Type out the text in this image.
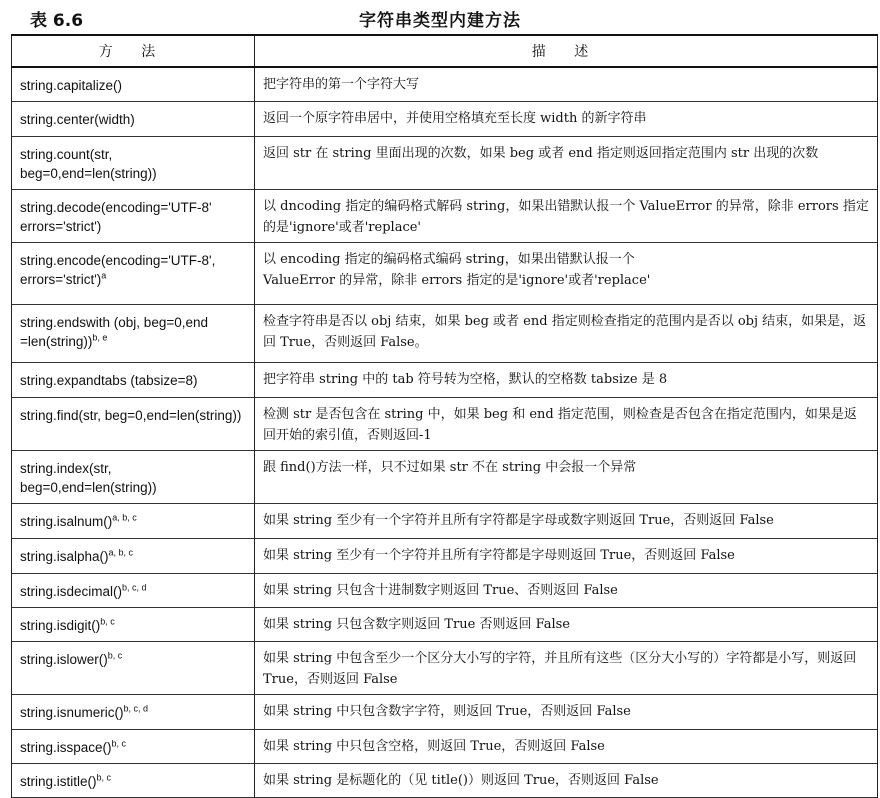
表 6.6	字符串类型内建方法
方 法	描 述
string.capitalize()	把字符串的第一个字符大写
string.center(width)	返回一个原字符串居中，并使用空格填充至长度 width 的新字符串
string.count(str, beg=0,end=len(string))	返回 str 在 string 里面出现的次数，如果 beg 或者 end 指定则返回指定范围内 str 出现的次数
string.decode(encoding='UTF-8' errors='strict')	以 dncoding 指定的编码格式解码 string，如果出错默认报一个 ValueError 的异常，除非 errors 指定的是'ignore'或者'replace'
string.encode(encoding='UTF-8', errors='strict')$^a$	以 encoding 指定的编码格式编码 string，如果出错默认报一个
ValueError 的异常，除非 errors 指定的是'ignore'或者'replace'
string.endswith (obj, beg=0,end =len(string))$^{b, e}$	检查字符串是否以 obj 结束，如果 beg 或者 end 指定则检查指定的范围内是否以 obj 结束，如果是，返回 True，否则返回 False。
string.expandtabs (tabsize=8)	把字符串 string 中的 tab 符号转为空格，默认的空格数 tabsize 是 8
string.find(str, beg=0,end=len(string))	检测 str 是否包含在 string 中，如果 beg 和 end 指定范围，则检查是否包含在指定范围内，如果是返回开始的索引值，否则返回-1
string.index(str, beg=0,end=len(string))	跟 find()方法一样，只不过如果 str 不在 string 中会报一个异常
string.isalnum()$^{a, b, c}$	如果 string 至少有一个字符并且所有字符都是字母或数字则返回 True，否则返回 False
string.isalpha()$^{a, b, c}$	如果 string 至少有一个字符并且所有字符都是字母则返回 True，否则返回 False
string.isdecimal()$^{b, c, d}$	如果 string 只包含十进制数字则返回 True、否则返回 False
string.isdigit()$^{b, c}$	如果 string 只包含数字则返回 True 否则返回 False
string.islower()$^{b, c}$	如果 string 中包含至少一个区分大小写的字符，并且所有这些（区分大小写的）字符都是小写，则返回 True，否则返回 False
string.isnumeric()$^{b, c, d}$	如果 string 中只包含数字字符，则返回 True，否则返回 False
string.isspace()$^{b, c}$	如果 string 中只包含空格，则返回 True，否则返回 False
string.istitle()$^{b, c}$	如果 string 是标题化的（见 title()）则返回 True，否则返回 False
